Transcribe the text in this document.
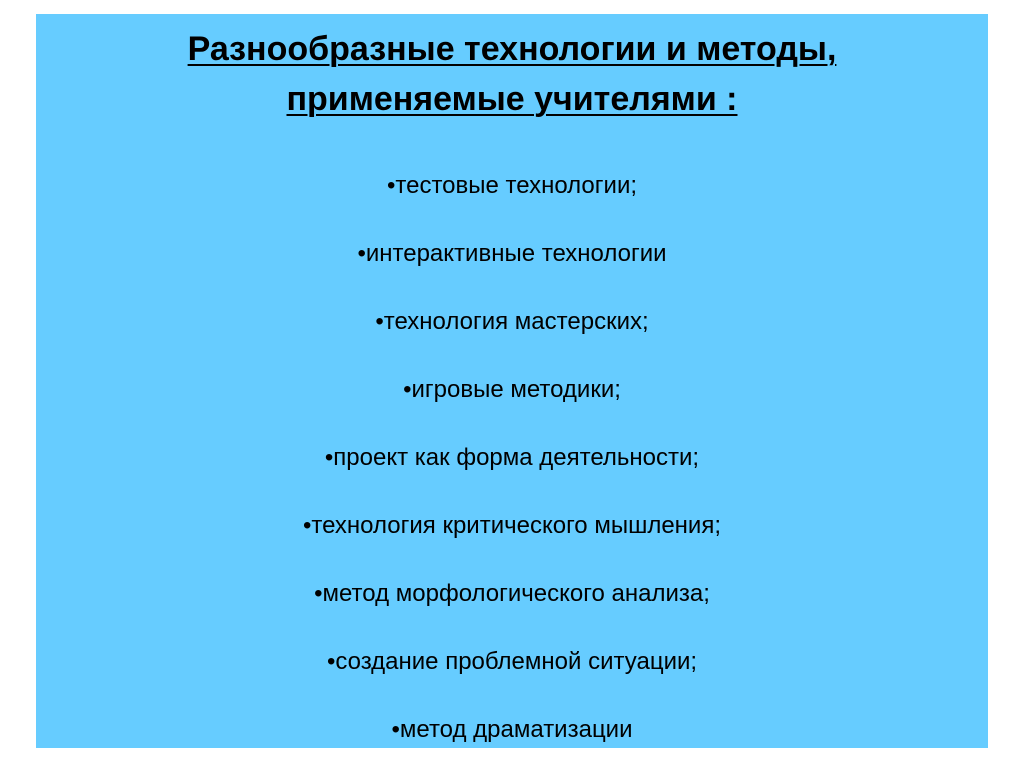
Разнообразные технологии и методы,
применяемые учителями :
•тестовые технологии;
•интерактивные технологии
•технология мастерских;
•игровые методики;
•проект как форма деятельности;
•технология критического мышления;
•метод морфологического анализа;
•создание проблемной ситуации;
•метод драматизации
